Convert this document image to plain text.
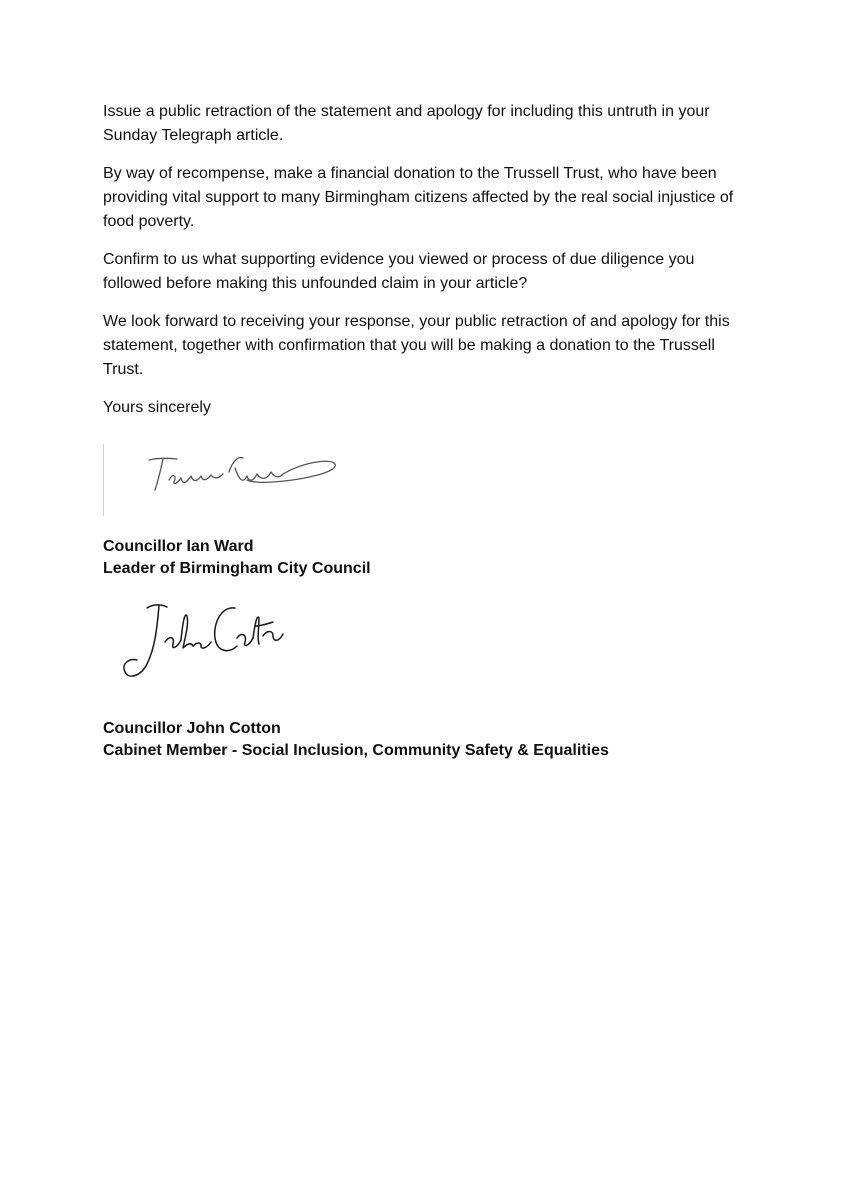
Issue a public retraction of the statement and apology for including this untruth in your Sunday Telegraph article.

By way of recompense, make a financial donation to the Trussell Trust, who have been providing vital support to many Birmingham citizens affected by the real social injustice of food poverty.

Confirm to us what supporting evidence you viewed or process of due diligence you followed before making this unfounded claim in your article?

We look forward to receiving your response, your public retraction of and apology for this statement, together with confirmation that you will be making a donation to the Trussell Trust.

Yours sincerely

Councillor Ian Ward

Leader of Birmingham City Council

Councillor John Cotton

Cabinet Member - Social Inclusion, Community Safety & Equalities
